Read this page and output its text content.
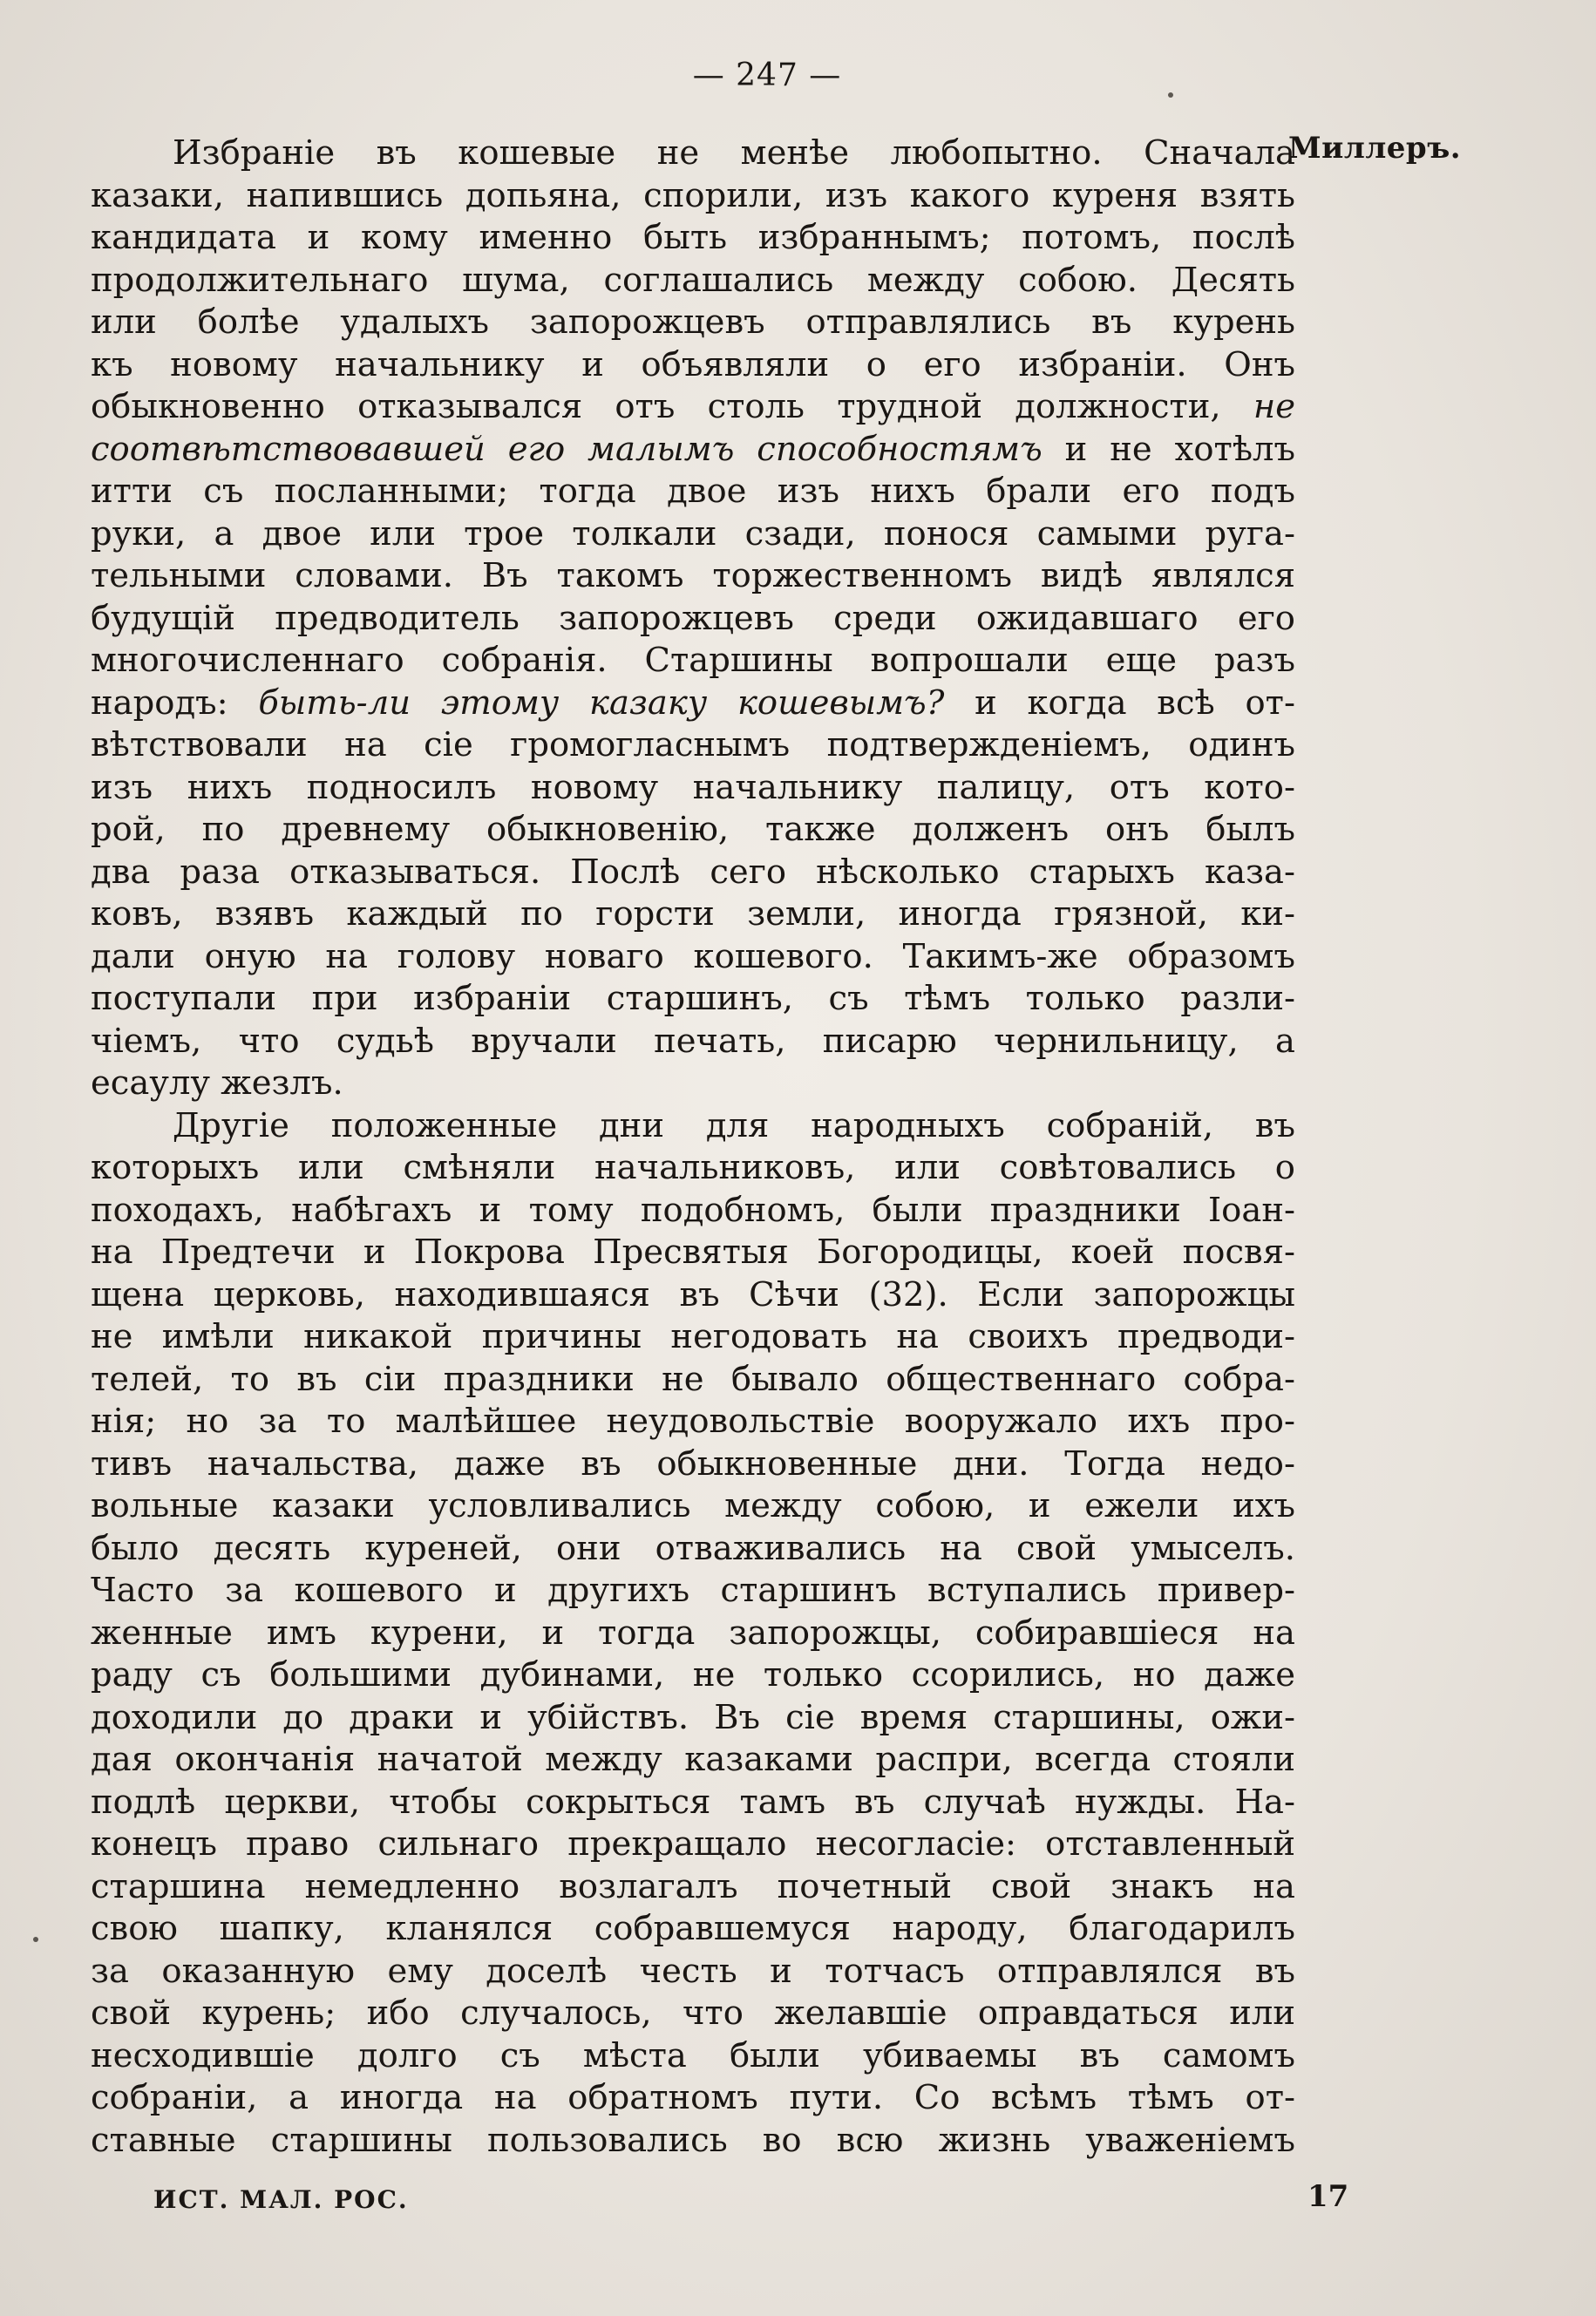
— 247 —
Миллеръ.
Избраніе въ кошевые не менѣе любопытно. Сначала
казаки, напившись допьяна, спорили, изъ какого куреня взять
кандидата и кому именно быть избраннымъ; потомъ, послѣ
продолжительнаго шума, соглашались между собою. Десять
или болѣе удалыхъ запорожцевъ отправлялись въ курень
къ новому начальнику и объявляли о его избраніи. Онъ
обыкновенно отказывался отъ столь трудной должности, не
соотвѣтствовавшей его малымъ способностямъ и не хотѣлъ
итти съ посланными; тогда двое изъ нихъ брали его подъ
руки, а двое или трое толкали сзади, понося самыми руга-
тельными словами. Въ такомъ торжественномъ видѣ являлся
будущій предводитель запорожцевъ среди ожидавшаго его
многочисленнаго собранія. Старшины вопрошали еще разъ
народъ: быть-ли этому казаку кошевымъ? и когда всѣ от-
вѣтствовали на сіе громогласнымъ подтвержденіемъ, одинъ
изъ нихъ подносилъ новому начальнику палицу, отъ кото-
рой, по древнему обыкновенію, также долженъ онъ былъ
два раза отказываться. Послѣ сего нѣсколько старыхъ каза-
ковъ, взявъ каждый по горсти земли, иногда грязной, ки-
дали оную на голову новаго кошевого. Такимъ-же образомъ
поступали при избраніи старшинъ, съ тѣмъ только разли-
чіемъ, что судьѣ вручали печать, писарю чернильницу, а
есаулу жезлъ.
Другіе положенные дни для народныхъ собраній, въ
которыхъ или смѣняли начальниковъ, или совѣтовались о
походахъ, набѣгахъ и тому подобномъ, были праздники Іоан-
на Предтечи и Покрова Пресвятыя Богородицы, коей посвя-
щена церковь, находившаяся въ Сѣчи (32). Если запорожцы
не имѣли никакой причины негодовать на своихъ предводи-
телей, то въ сіи праздники не бывало общественнаго собра-
нія; но за то малѣйшее неудовольствіе вооружало ихъ про-
тивъ начальства, даже въ обыкновенные дни. Тогда недо-
вольные казаки условливались между собою, и ежели ихъ
было десять куреней, они отваживались на свой умыселъ.
Часто за кошевого и другихъ старшинъ вступались привер-
женные имъ курени, и тогда запорожцы, собиравшіеся на
раду съ большими дубинами, не только ссорились, но даже
доходили до драки и убійствъ. Въ сіе время старшины, ожи-
дая окончанія начатой между казаками распри, всегда стояли
подлѣ церкви, чтобы сокрыться тамъ въ случаѣ нужды. На-
конецъ право сильнаго прекращало несогласіе: отставленный
старшина немедленно возлагалъ почетный свой знакъ на
свою шапку, кланялся собравшемуся народу, благодарилъ
за оказанную ему доселѣ честь и тотчасъ отправлялся въ
свой курень; ибо случалось, что желавшіе оправдаться или
несходившіе долго съ мѣста были убиваемы въ самомъ
собраніи, а иногда на обратномъ пути. Со всѣмъ тѣмъ от-
ставные старшины пользовались во всю жизнь уваженіемъ
ИСТ. МАЛ. РОС.	17
